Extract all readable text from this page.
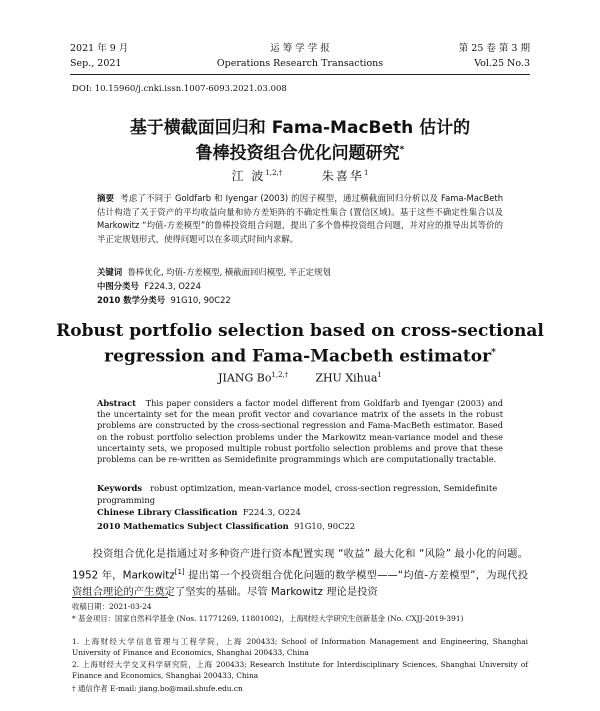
2021 年 9 月
Sep., 2021
运 筹 学 学 报
Operations Research Transactions
第 25 卷 第 3 期
Vol.25 No.3
DOI: 10.15960/j.cnki.issn.1007-6093.2021.03.008
基于横截面回归和 Fama-MacBeth 估计的
鲁棒投资组合优化问题研究*
江 波$^{1,2,\dagger}$	朱喜华$^1$
摘要 考虑了不同于 Goldfarb 和 Iyengar (2003) 的因子模型，通过横截面回归分析以及 Fama-MacBeth 估计构造了关于资产的平均收益向量和协方差矩阵的不确定性集合 (置信区域)。基于这些不确定性集合以及 Markowitz “均值-方差模型”的鲁棒投资组合问题，提出了多个鲁棒投资组合问题，并对应的推导出其等价的半正定规划形式，使得问题可以在多项式时间内求解。
关键词 鲁棒优化, 均值-方差模型, 横截面回归模型, 半正定规划
中图分类号 F224.3, O224
2010 数学分类号 91G10, 90C22
Robust portfolio selection based on cross-sectional
regression and Fama-Macbeth estimator*
JIANG $Bo^{1,2,\dagger}$ ZHU Xihua$^1$
Abstract This paper considers a factor model different from Goldfarb and Iyengar (2003) and the uncertainty set for the mean profit vector and covariance matrix of the assets in the robust problems are constructed by the cross-sectional regression and Fama-MacBeth estimator. Based on the robust portfolio selection problems under the Markowitz mean-variance model and these uncertainty sets, we proposed multiple robust portfolio selection problems and prove that these problems can be re-written as Semidefinite programmings which are computationally tractable.
Keywords robust optimization, mean-variance model, cross-section regression, Semidefinite programming
Chinese Library Classification F224.3, O224
2010 Mathematics Subject Classification 91G10, 90C22
投资组合优化是指通过对多种资产进行资本配置实现 “收益” 最大化和 “风险” 最小化的问题。1952 年，Markowitz[1] 提出第一个投资组合优化问题的数学模型——“均值-方差模型”，为现代投资组合理论的产生奠定了坚实的基础。尽管 Markowitz 理论是投资
收稿日期：2021-03-24
* 基金项目：国家自然科学基金 (Nos. 11771269, 11801002)，上海财经大学研究生创新基金 (No. CXJJ-2019-391)
1. 上海财经大学信息管理与工程学院，上海 200433; School of Information Management and Engineering, Shanghai University of Finance and Economics, Shanghai 200433, China
2. 上海财经大学交叉科学研究院，上海 200433; Research Institute for Interdisciplinary Sciences, Shanghai University of Finance and Economics, Shanghai 200433, China
† 通信作者 E-mail: jiang.bo@mail.shufe.edu.cn
